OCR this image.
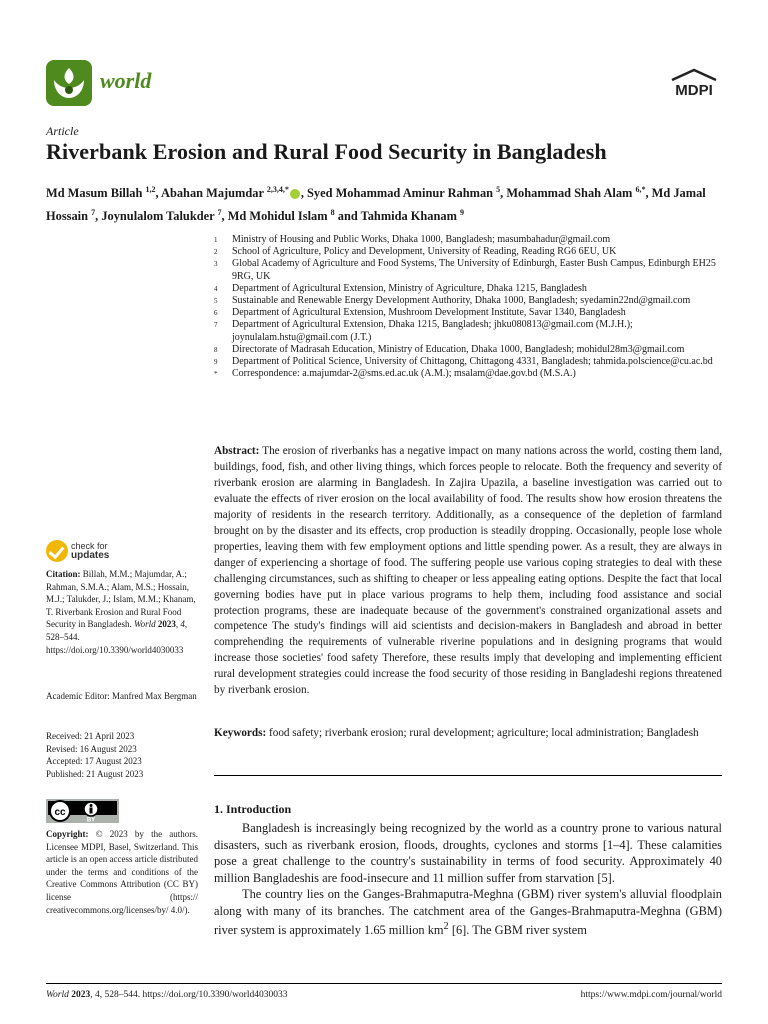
world	MDPI
Article
Riverbank Erosion and Rural Food Security in Bangladesh
Md Masum Billah $^{1,2}$, Abahan Majumdar $^{2,3,4,*}$ , Syed Mohammad Aminur Rahman $^5$, Mohammad Shah Alam $^{6,*}$, Md Jamal Hossain $^7$, Joynulalom Talukder $^7$, Md Mohidul Islam $^8$ and Tahmida Khanam $^9$
1	Ministry of Housing and Public Works, Dhaka 1000, Bangladesh; masumbahadur@gmail.com
2	School of Agriculture, Policy and Development, University of Reading, Reading RG6 6EU, UK
3	Global Academy of Agriculture and Food Systems, The University of Edinburgh, Easter Bush Campus, Edinburgh EH25 9RG, UK
4	Department of Agricultural Extension, Ministry of Agriculture, Dhaka 1215, Bangladesh
5	Sustainable and Renewable Energy Development Authority, Dhaka 1000, Bangladesh; syedamin22nd@gmail.com
6	Department of Agricultural Extension, Mushroom Development Institute, Savar 1340, Bangladesh
7	Department of Agricultural Extension, Dhaka 1215, Bangladesh; jhku080813@gmail.com (M.J.H.); joynulalam.hstu@gmail.com (J.T.)
8	Directorate of Madrasah Education, Ministry of Education, Dhaka 1000, Bangladesh; mohidul28m3@gmail.com
9	Department of Political Science, University of Chittagong, Chittagong 4331, Bangladesh; tahmida.polscience@cu.ac.bd
*	Correspondence: a.majumdar-2@sms.ed.ac.uk (A.M.); msalam@dae.gov.bd (M.S.A.)

Abstract: The erosion of riverbanks has a negative impact on many nations across the world, costing them land, buildings, food, fish, and other living things, which forces people to relocate. Both the frequency and severity of riverbank erosion are alarming in Bangladesh. In Zajira Upazila, a baseline investigation was carried out to evaluate the effects of river erosion on the local availability of food. The results show how erosion threatens the majority of residents in the research territory. Additionally, as a consequence of the depletion of farmland brought on by the disaster and its effects, crop production is steadily dropping. Occasionally, people lose whole properties, leaving them with few employment options and little spending power. As a result, they are always in danger of experiencing a shortage of food. The suffering people use various coping strategies to deal with these challenging circumstances, such as shifting to cheaper or less appealing eating options. Despite the fact that local governing bodies have put in place various programs to help them, including food assistance and social protection programs, these are inadequate because of the government's constrained organizational assets and competence The study's findings will aid scientists and decision-makers in Bangladesh and abroad in better comprehending the requirements of vulnerable riverine populations and in designing programs that would increase those societies' food safety Therefore, these results imply that developing and implementing efficient rural development strategies could increase the food security of those residing in Bangladeshi regions threatened by riverbank erosion.

Keywords: food safety; riverbank erosion; rural development; agriculture; local administration; Bangladesh

1. Introduction

Bangladesh is increasingly being recognized by the world as a country prone to various natural disasters, such as riverbank erosion, floods, droughts, cyclones and storms [1–4]. These calamities pose a great challenge to the country's sustainability in terms of food security. Approximately 40 million Bangladeshis are food-insecure and 11 million suffer from starvation [5].

The country lies on the Ganges-Brahmaputra-Meghna (GBM) river system's alluvial floodplain along with many of its branches. The catchment area of the Ganges-Brahmaputra-Meghna (GBM) river system is approximately 1.65 million $km^2$ [6]. The GBM river system

check for
updates

Citation: Billah, M.M.; Majumdar, A.; Rahman, S.M.A.; Alam, M.S.; Hossain, M.J.; Talukder, J.; Islam, M.M.; Khanam, T. Riverbank Erosion and Rural Food Security in Bangladesh. World 2023, 4, 528–544. https://doi.org/10.3390/world4030033

Academic Editor: Manfred Max Bergman

Received: 21 April 2023
Revised: 16 August 2023
Accepted: 17 August 2023
Published: 21 August 2023
cc
BY

Copyright: © 2023 by the authors. Licensee MDPI, Basel, Switzerland. This article is an open access article distributed under the terms and conditions of the Creative Commons Attribution (CC BY) license (https:// creativecommons.org/licenses/by/ 4.0/).

World 2023, 4, 528–544. https://doi.org/10.3390/world4030033	https://www.mdpi.com/journal/world
